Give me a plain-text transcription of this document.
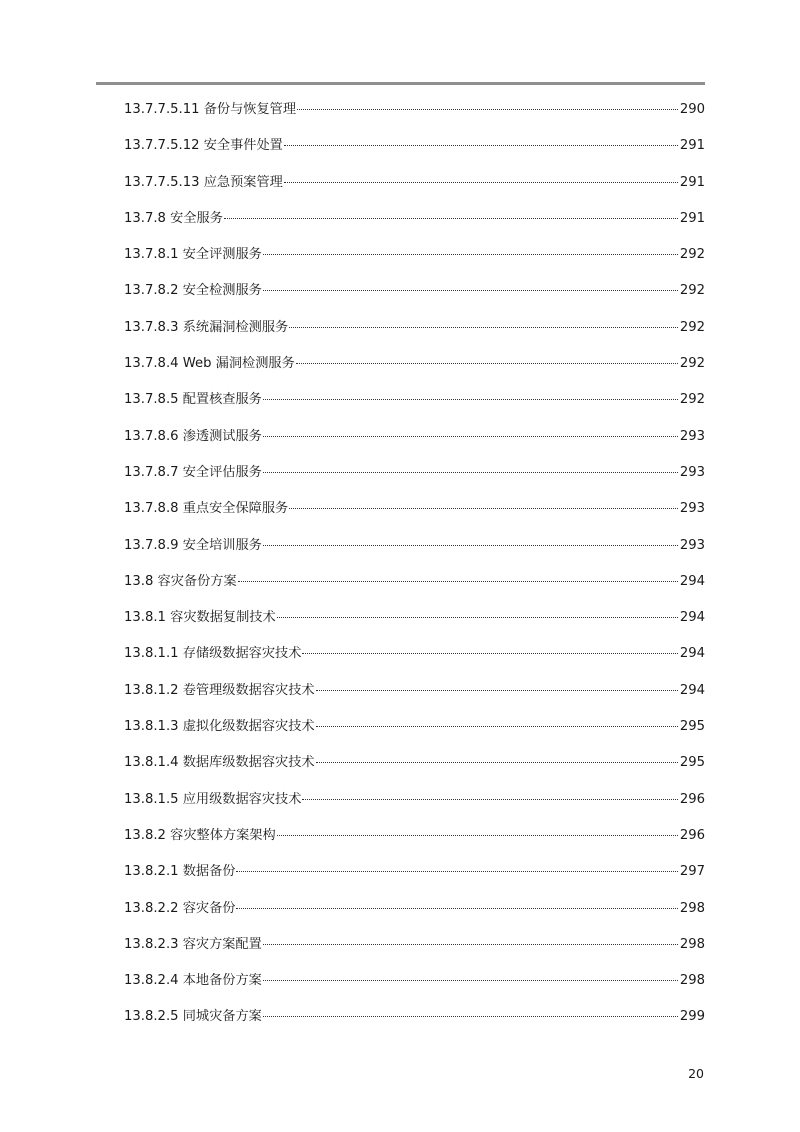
13.7.7.5.11 备份与恢复管理	290
13.7.7.5.12 安全事件处置	291
13.7.7.5.13 应急预案管理	291
13.7.8 安全服务	291
13.7.8.1 安全评测服务	292
13.7.8.2 安全检测服务	292
13.7.8.3 系统漏洞检测服务	292
13.7.8.4 Web 漏洞检测服务	292
13.7.8.5 配置核查服务	292
13.7.8.6 渗透测试服务	293
13.7.8.7 安全评估服务	293
13.7.8.8 重点安全保障服务	293
13.7.8.9 安全培训服务	293
13.8 容灾备份方案	294
13.8.1 容灾数据复制技术	294
13.8.1.1 存储级数据容灾技术	294
13.8.1.2 卷管理级数据容灾技术	294
13.8.1.3 虚拟化级数据容灾技术	295
13.8.1.4 数据库级数据容灾技术	295
13.8.1.5 应用级数据容灾技术	296
13.8.2 容灾整体方案架构	296
13.8.2.1 数据备份	297
13.8.2.2 容灾备份	298
13.8.2.3 容灾方案配置	298
13.8.2.4 本地备份方案	298
13.8.2.5 同城灾备方案	299
20
